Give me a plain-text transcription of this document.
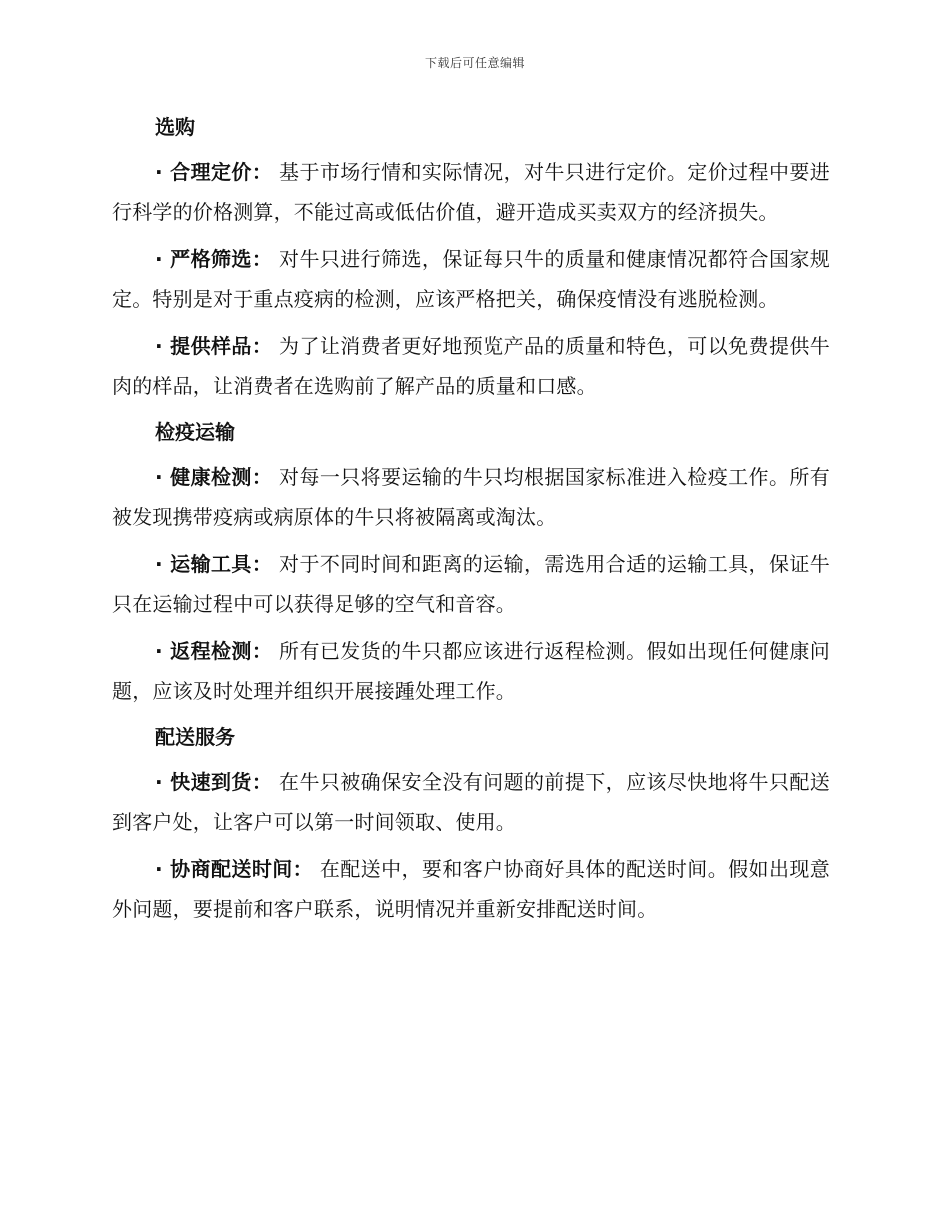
下载后可任意编辑
选购

· 合理定价： 基于市场行情和实际情况，对牛只进行定价。定价过程中要进行科学的价格测算，不能过高或低估价值，避开造成买卖双方的经济损失。

· 严格筛选： 对牛只进行筛选，保证每只牛的质量和健康情况都符合国家规定。特别是对于重点疫病的检测，应该严格把关，确保疫情没有逃脱检测。

· 提供样品： 为了让消费者更好地预览产品的质量和特色，可以免费提供牛肉的样品，让消费者在选购前了解产品的质量和口感。

检疫运输

· 健康检测： 对每一只将要运输的牛只均根据国家标准进入检疫工作。所有被发现携带疫病或病原体的牛只将被隔离或淘汰。

· 运输工具： 对于不同时间和距离的运输，需选用合适的运输工具，保证牛只在运输过程中可以获得足够的空气和音容。

· 返程检测： 所有已发货的牛只都应该进行返程检测。假如出现任何健康问题，应该及时处理并组织开展接踵处理工作。

配送服务

· 快速到货： 在牛只被确保安全没有问题的前提下，应该尽快地将牛只配送到客户处，让客户可以第一时间领取、使用。

· 协商配送时间： 在配送中，要和客户协商好具体的配送时间。假如出现意外问题，要提前和客户联系，说明情况并重新安排配送时间。
